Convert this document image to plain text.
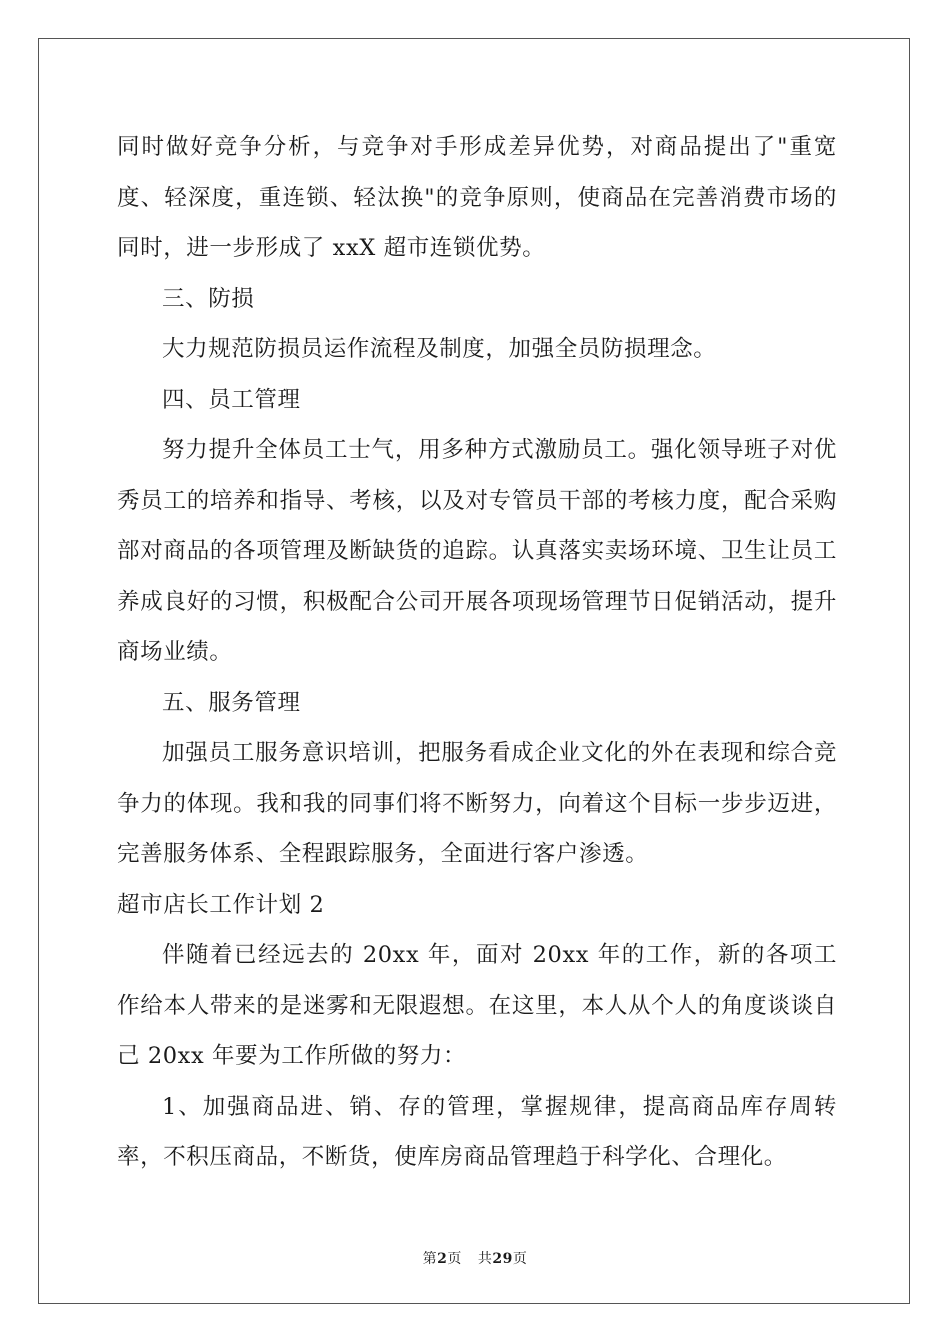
同时做好竞争分析，与竞争对手形成差异优势，对商品提出了"重宽度、轻深度，重连锁、轻汰换"的竞争原则，使商品在完善消费市场的同时，进一步形成了 xxX 超市连锁优势。

三、防损

大力规范防损员运作流程及制度，加强全员防损理念。

四、员工管理

努力提升全体员工士气，用多种方式激励员工。强化领导班子对优秀员工的培养和指导、考核，以及对专管员干部的考核力度，配合采购部对商品的各项管理及断缺货的追踪。认真落实卖场环境、卫生让员工养成良好的习惯，积极配合公司开展各项现场管理节日促销活动，提升商场业绩。

五、服务管理

加强员工服务意识培训，把服务看成企业文化的外在表现和综合竞争力的体现。我和我的同事们将不断努力，向着这个目标一步步迈进，完善服务体系、全程跟踪服务，全面进行客户渗透。

超市店长工作计划 2

伴随着已经远去的 20xx 年，面对 20xx 年的工作，新的各项工作给本人带来的是迷雾和无限遐想。在这里，本人从个人的角度谈谈自己 20xx 年要为工作所做的努力：

1、加强商品进、销、存的管理，掌握规律，提高商品库存周转率，不积压商品，不断货，使库房商品管理趋于科学化、合理化。

第2页 共29页
